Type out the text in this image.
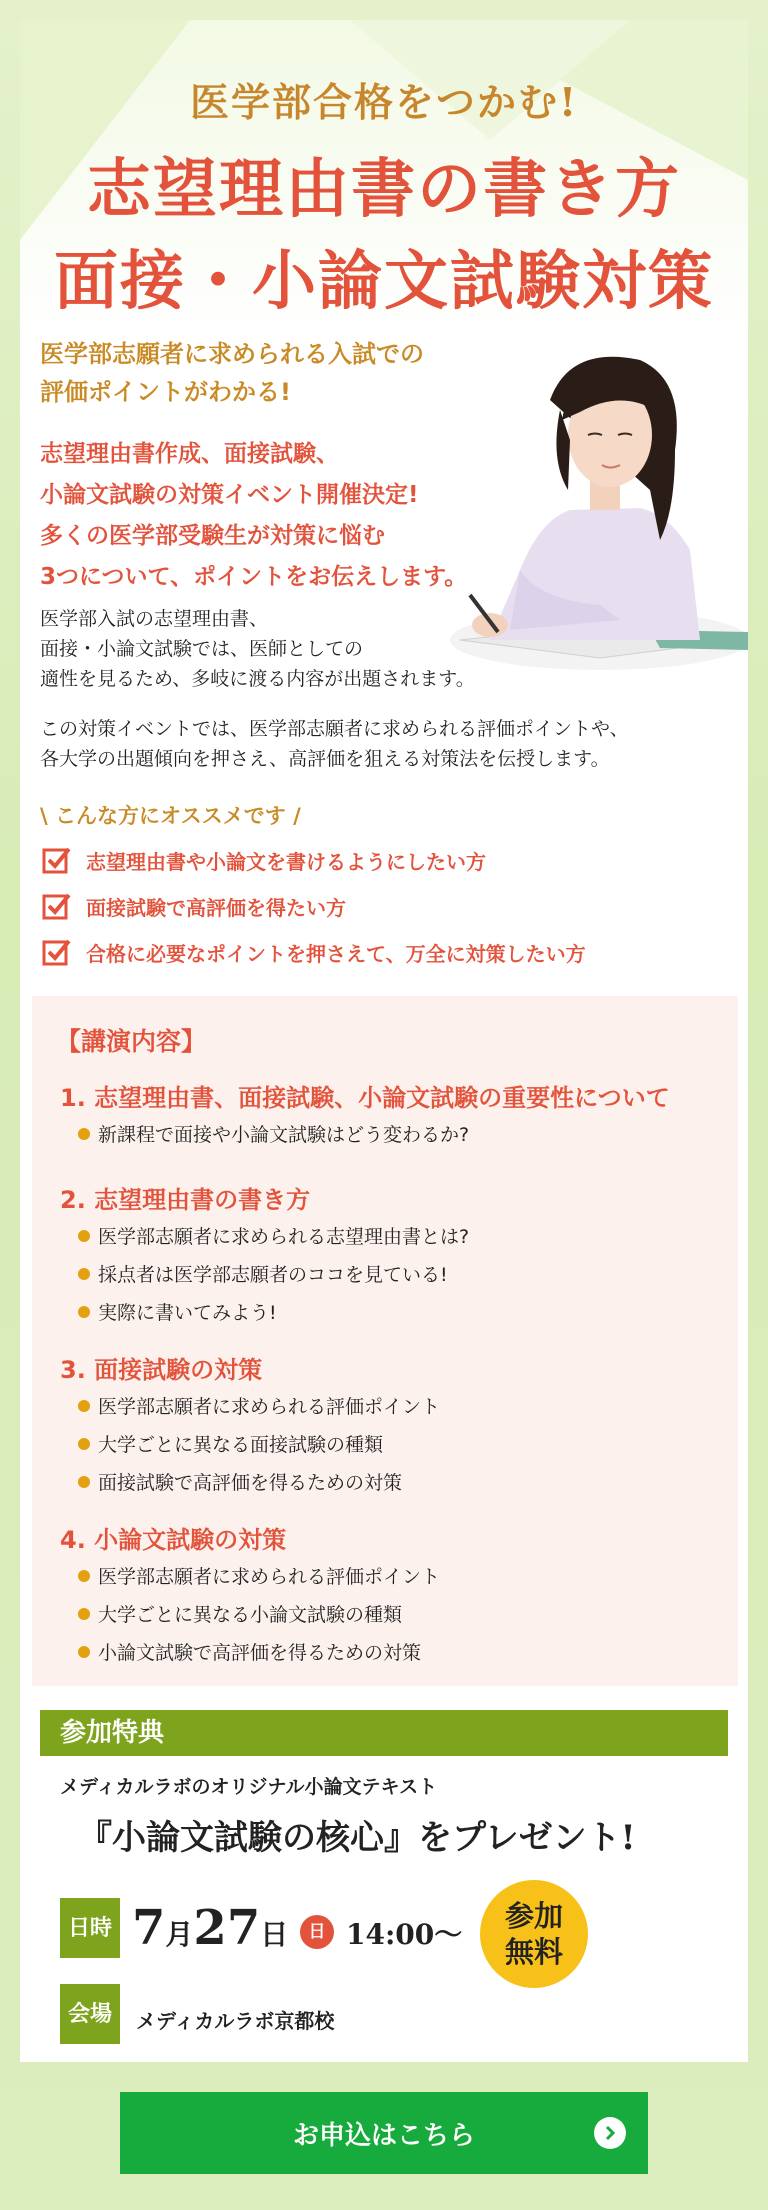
医学部合格をつかむ!
志望理由書の書き方
面接・小論文試験対策
医学部志願者に求められる入試での
評価ポイントがわかる!
志望理由書作成、面接試験、
小論文試験の対策イベント開催決定!
多くの医学部受験生が対策に悩む
3つについて、ポイントをお伝えします。
医学部入試の志望理由書、
面接・小論文試験では、医師としての
適性を見るため、多岐に渡る内容が出題されます。
この対策イベントでは、医学部志願者に求められる評価ポイントや、
各大学の出題傾向を押さえ、高評価を狙える対策法を伝授します。
\ こんな方にオススメです /
志望理由書や小論文を書けるようにしたい方
面接試験で高評価を得たい方
合格に必要なポイントを押さえて、万全に対策したい方
【講演内容】
1. 志望理由書、面接試験、小論文試験の重要性について
新課程で面接や小論文試験はどう変わるか?
2. 志望理由書の書き方
医学部志願者に求められる志望理由書とは?
採点者は医学部志願者のココを見ている!
実際に書いてみよう!
3. 面接試験の対策
医学部志願者に求められる評価ポイント
大学ごとに異なる面接試験の種類
面接試験で高評価を得るための対策
4. 小論文試験の対策
医学部志願者に求められる評価ポイント
大学ごとに異なる小論文試験の種類
小論文試験で高評価を得るための対策
参加特典
メディカルラボのオリジナル小論文テキスト
『小論文試験の核心』をプレゼント!
日時 7月27日	日 14:00〜
参加
無料
会場	メディカルラボ京都校
お申込はこちら
